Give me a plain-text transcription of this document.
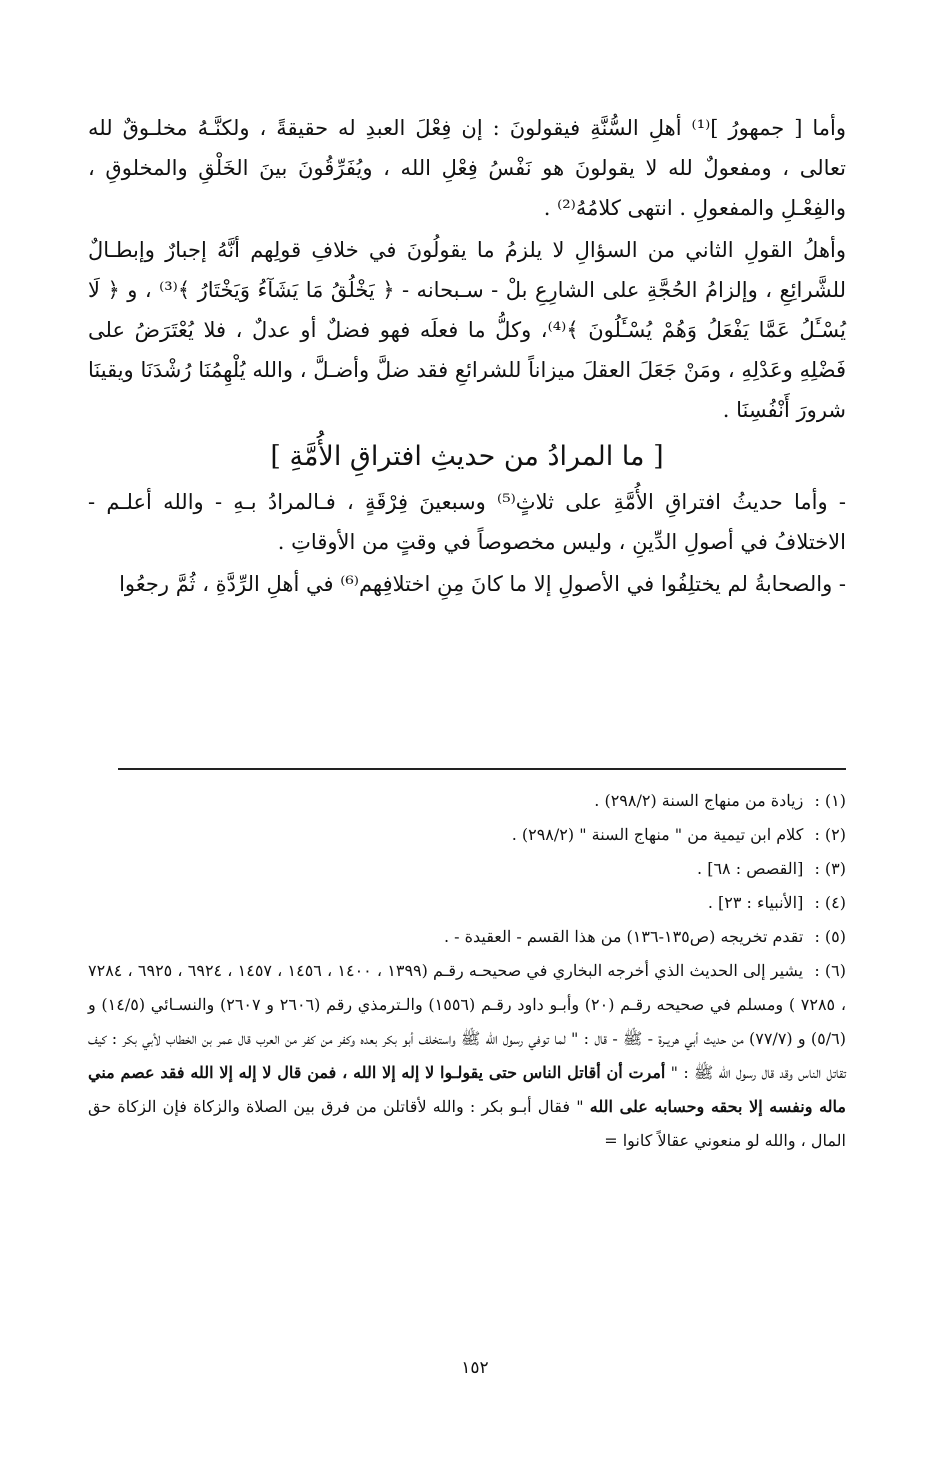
وأما [ جمهورُ ]⁽¹⁾ أهلِ السُّنَّةِ فيقولونَ : إن فِعْلَ العبدِ له حقيقةً ، ولكنَّـهُ مخلـوقٌ لله تعالى ، ومفعولٌ لله لا يقولونَ هو نَفْسُ فِعْلِ الله ، ويُفَرِّقُونَ بينَ الخَلْقِ والمخلوقِ ، والفِعْـلِ والمفعولِ . انتهى كلامُهُ⁽²⁾ .

وأهلُ القولِ الثاني من السؤالِ لا يلزمُ ما يقولُونَ في خلافِ قولِهم أنَّهُ إجبارٌ وإبطـالٌ للشَّرائِعِ ، وإلزامُ الحُجَّةِ على الشارِعِ بلْ - سـبحانه - ﴿ يَخْلُقُ مَا يَشَآءُ وَيَخْتَارُ ﴾⁽³⁾ ، و ﴿ لَا يُسْـَٔلُ عَمَّا يَفْعَلُ وَهُمْ يُسْـَٔلُونَ ﴾⁽⁴⁾، وكلُّ ما فعلَه فهو فضلٌ أو عدلٌ ، فلا يُعْتَرَضُ على فَضْلِهِ وعَدْلِهِ ، ومَنْ جَعَلَ العقلَ ميزاناً للشرائعِ فقد ضلَّ وأضـلَّ ، والله يُلْهِمُنَا رُشْدَنَا ويقينَا شرورَ أَنْفُسِنَا .

[ ما المرادُ من حديثِ افتراقِ الأُمَّةِ ]

- وأما حديثُ افتراقِ الأُمَّةِ على ثلاثٍ⁽⁵⁾ وسبعينَ فِرْقَةٍ ، فـالمرادُ بـهِ - والله أعلـم - الاختلافُ في أصولِ الدِّينِ ، وليس مخصوصاً في وقتٍ من الأوقاتِ .

- والصحابةُ لم يختلِفُوا في الأصولِ إلا ما كانَ مِنِ اختلافِهم⁽⁶⁾ في أهلِ الرِّدَّةِ ، ثُمَّ رجعُوا

(١) : زيادة من منهاج السنة (٢٩٨/٢) .

(٢) : كلام ابن تيمية من " منهاج السنة " (٢٩٨/٢) .

(٣) : [القصص : ٦٨] .

(٤) : [الأنبياء : ٢٣] .

(٥) : تقدم تخريجه (ص١٣٥-١٣٦) من هذا القسم - العقيدة - .

(٦) : يشير إلى الحديث الذي أخرجه البخاري في صحيحـه رقـم (١٣٩٩ ، ١٤٠٠ ، ١٤٥٦ ، ١٤٥٧ ، ٦٩٢٤ ، ٦٩٢٥ ، ٧٢٨٤ ، ٧٢٨٥ ) ومسلم في صحيحه رقـم (٢٠) وأبـو داود رقـم (١٥٥٦) والـترمذي رقم (٢٦٠٦ و ٢٦٠٧) والنسـائي (١٤/٥) و (٥/٦) و (٧٧/٧) من حديث أبي هريـرة - ﷺ - قال : " لما توفي رسول الله ﷺ واستخلف أبو بكر بعده وكفر من كفر من العرب قال عمر بن الخطاب لأبي بكر : كيف تقاتل الناس وقد قال رسول الله ﷺ : " أمرت أن أقاتل الناس حتى يقولـوا لا إله إلا الله ، فمن قال لا إله إلا الله فقد عصم مني ماله ونفسه إلا بحقه وحسابه على الله " فقال أبـو بكر : والله لأقاتلن من فرق بين الصلاة والزكاة فإن الزكاة حق المال ، والله لو منعوني عقالاً كانوا =

١٥٢
